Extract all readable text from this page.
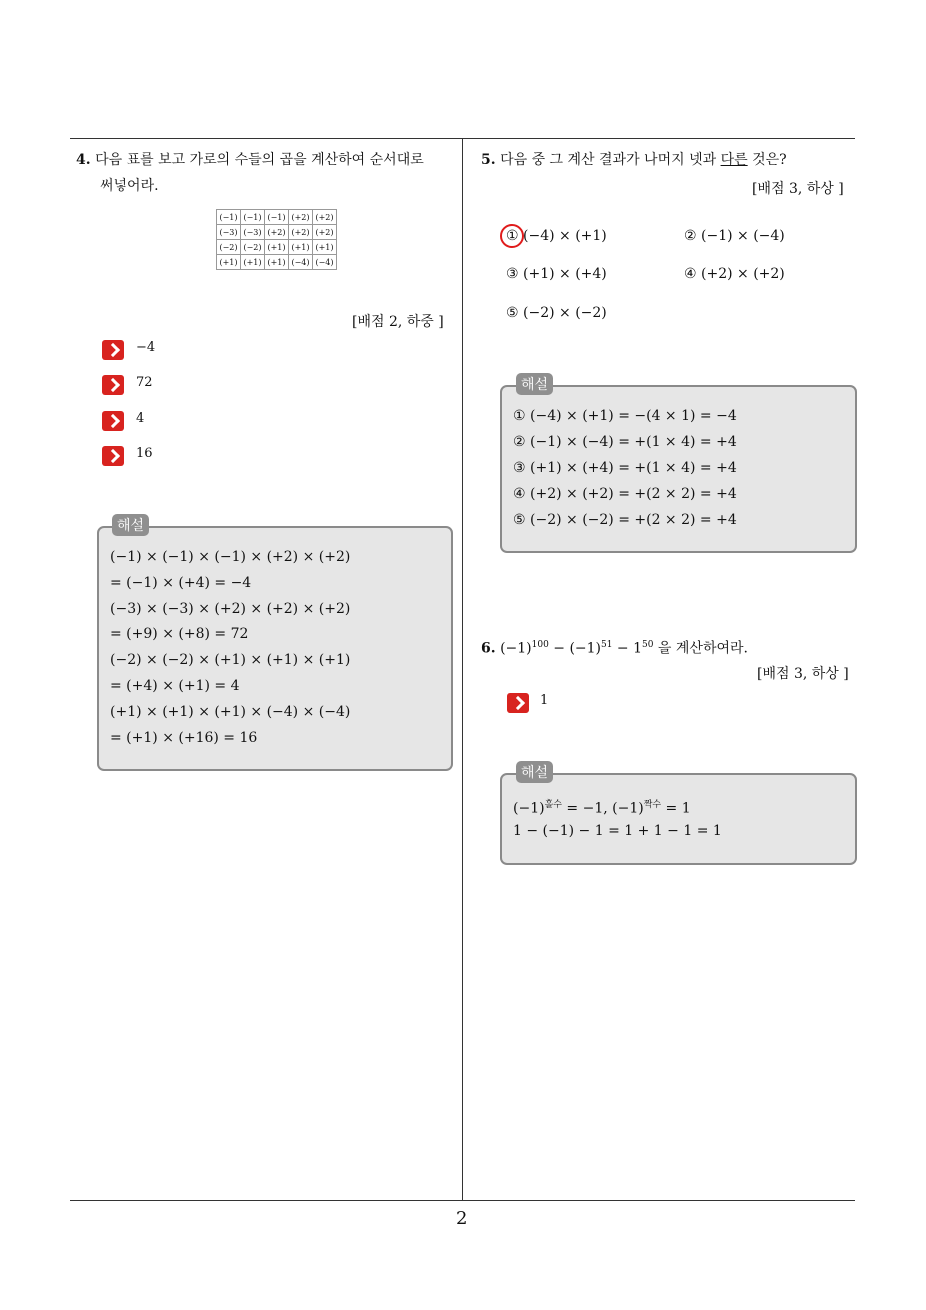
2
4. 다음 표를 보고 가로의 수들의 곱을 계산하여 순서대로
써넣어라.
(−1)	(−1)	(−1)	(+2)	(+2)
(−3)	(−3)	(+2)	(+2)	(+2)
(−2)	(−2)	(+1)	(+1)	(+1)
(+1)	(+1)	(+1)	(−4)	(−4)
[배점 2, 하중 ]
−4
72
4
16
해설
(−1) × (−1) × (−1) × (+2) × (+2)
= (−1) × (+4) = −4
(−3) × (−3) × (+2) × (+2) × (+2)
= (+9) × (+8) = 72
(−2) × (−2) × (+1) × (+1) × (+1)
= (+4) × (+1) = 4
(+1) × (+1) × (+1) × (−4) × (−4)
= (+1) × (+16) = 16
5. 다음 중 그 계산 결과가 나머지 넷과 다른 것은?
[배점 3, 하상 ]
① (−4) × (+1)	② (−1) × (−4)
③ (+1) × (+4)	④ (+2) × (+2)
⑤ (−2) × (−2)
해설
① (−4) × (+1) = −(4 × 1) = −4
② (−1) × (−4) = +(1 × 4) = +4
③ (+1) × (+4) = +(1 × 4) = +4
④ (+2) × (+2) = +(2 × 2) = +4
⑤ (−2) × (−2) = +(2 × 2) = +4
6. $(-1)^{100} - (-1)^{51} - 1^{50}$ 을 계산하여라.
[배점 3, 하상 ]
1
해설
$(-1)^{홀수} = -1$, $(-1)^{짝수} = 1$
1 − (−1) − 1 = 1 + 1 − 1 = 1
